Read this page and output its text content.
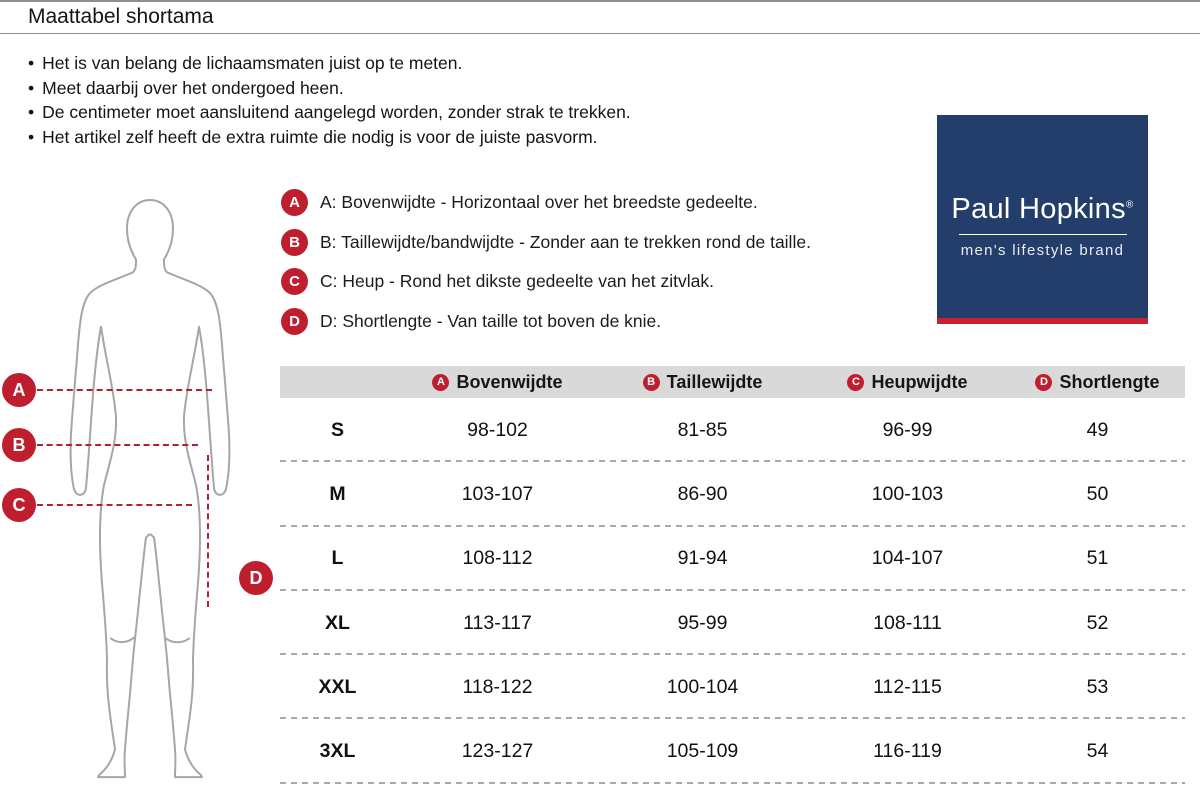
Maattabel shortama
•
Het is van belang de lichaamsmaten juist op te meten.
•
Meet daarbij over het ondergoed heen.
•
De centimeter moet aansluitend aangelegd worden, zonder strak te trekken.
•
Het artikel zelf heeft de extra ruimte die nodig is voor de juiste pasvorm.
A
B
C
D
A	A: Bovenwijdte - Horizontaal over het breedste gedeelte.
B	B: Taillewijdte/bandwijdte - Zonder aan te trekken rond de taille.
C	C: Heup - Rond het dikste gedeelte van het zitvlak.
D	D: Shortlengte - Van taille tot boven de knie.
Paul Hopkins®
men's lifestyle brand
A Bovenwijdte	B Taillewijdte	C Heupwijdte	D Shortlengte
S	98-102	81-85	96-99	49
M	103-107	86-90	100-103	50
L	108-112	91-94	104-107	51
XL	113-117	95-99	108-111	52
XXL	118-122	100-104	112-115	53
3XL	123-127	105-109	116-119	54
